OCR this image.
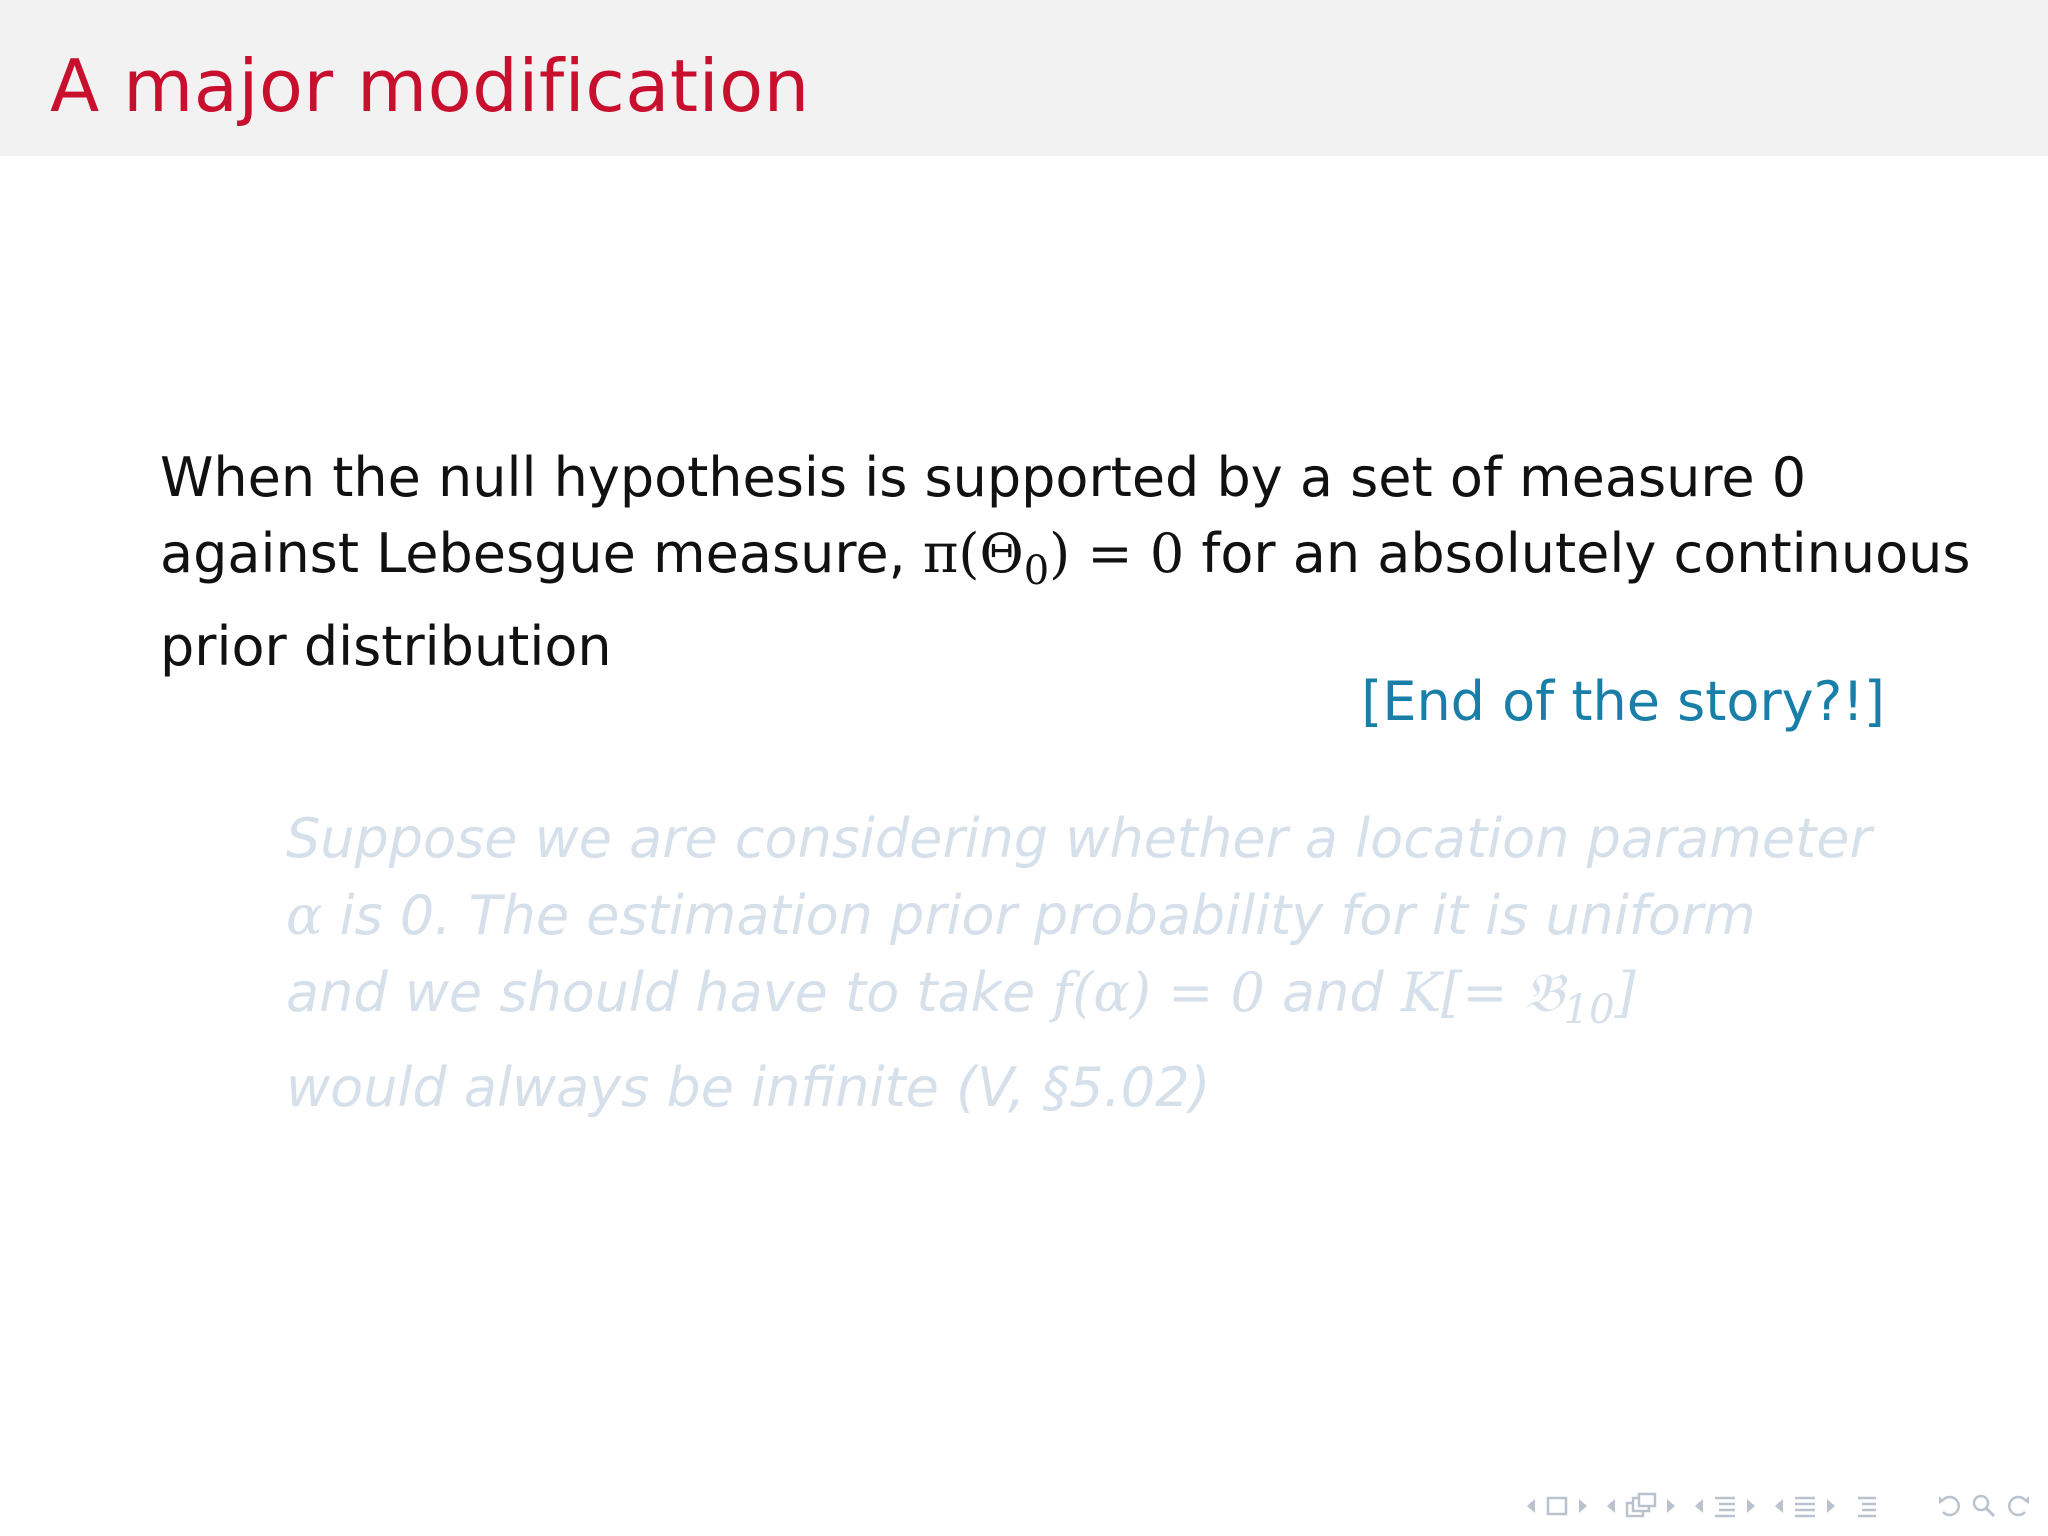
A major modification
When the null hypothesis is supported by a set of measure 0
against Lebesgue measure, $\pi(\Theta_0) = 0$ for an absolutely continuous
prior distribution
[End of the story?!]
Suppose we are considering whether a location parameter
α is 0. The estimation prior probability for it is uniform
and we should have to take f(α) = 0 and K[= 𝔅$_{10}$]
would always be infinite (V, §5.02)
